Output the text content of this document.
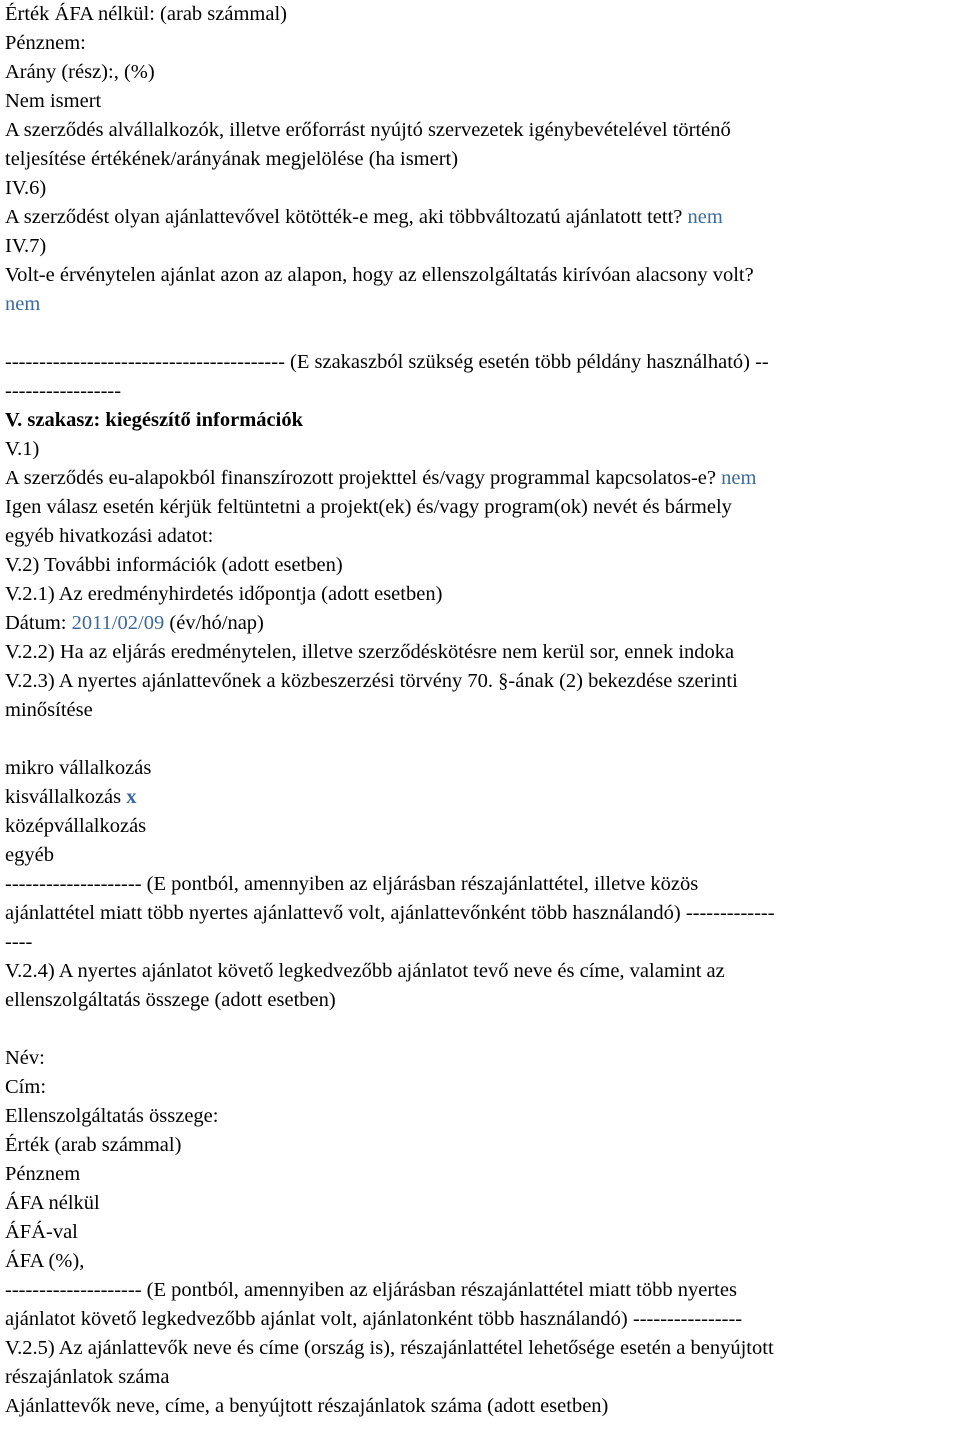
Érték ÁFA nélkül: (arab számmal)
Pénznem:
Arány (rész):, (%)
Nem ismert
A szerződés alvállalkozók, illetve erőforrást nyújtó szervezetek igénybevételével történő
teljesítése értékének/arányának megjelölése (ha ismert)
IV.6)
A szerződést olyan ajánlattevővel kötötték-e meg, aki többváltozatú ajánlatott tett? nem
IV.7)
Volt-e érvénytelen ajánlat azon az alapon, hogy az ellenszolgáltatás kirívóan alacsony volt?
nem
----------------------------------------- (E szakaszból szükség esetén több példány használható) --
-----------------
V. szakasz: kiegészítő információk
V.1)
A szerződés eu-alapokból finanszírozott projekttel és/vagy programmal kapcsolatos-e? nem
Igen válasz esetén kérjük feltüntetni a projekt(ek) és/vagy program(ok) nevét és bármely
egyéb hivatkozási adatot:
V.2) További információk (adott esetben)
V.2.1) Az eredményhirdetés időpontja (adott esetben)
Dátum: 2011/02/09 (év/hó/nap)
V.2.2) Ha az eljárás eredménytelen, illetve szerződéskötésre nem kerül sor, ennek indoka
V.2.3) A nyertes ajánlattevőnek a közbeszerzési törvény 70. §-ának (2) bekezdése szerinti
minősítése
mikro vállalkozás
kisvállalkozás x
középvállalkozás
egyéb
-------------------- (E pontból, amennyiben az eljárásban részajánlattétel, illetve közös
ajánlattétel miatt több nyertes ajánlattevő volt, ajánlattevőnként több használandó) -------------
----
V.2.4) A nyertes ajánlatot követő legkedvezőbb ajánlatot tevő neve és címe, valamint az
ellenszolgáltatás összege (adott esetben)
Név:
Cím:
Ellenszolgáltatás összege:
Érték (arab számmal)
Pénznem
ÁFA nélkül
ÁFÁ-val
ÁFA (%),
-------------------- (E pontból, amennyiben az eljárásban részajánlattétel miatt több nyertes
ajánlatot követő legkedvezőbb ajánlat volt, ajánlatonként több használandó) ----------------
V.2.5) Az ajánlattevők neve és címe (ország is), részajánlattétel lehetősége esetén a benyújtott
részajánlatok száma
Ajánlattevők neve, címe, a benyújtott részajánlatok száma (adott esetben)
